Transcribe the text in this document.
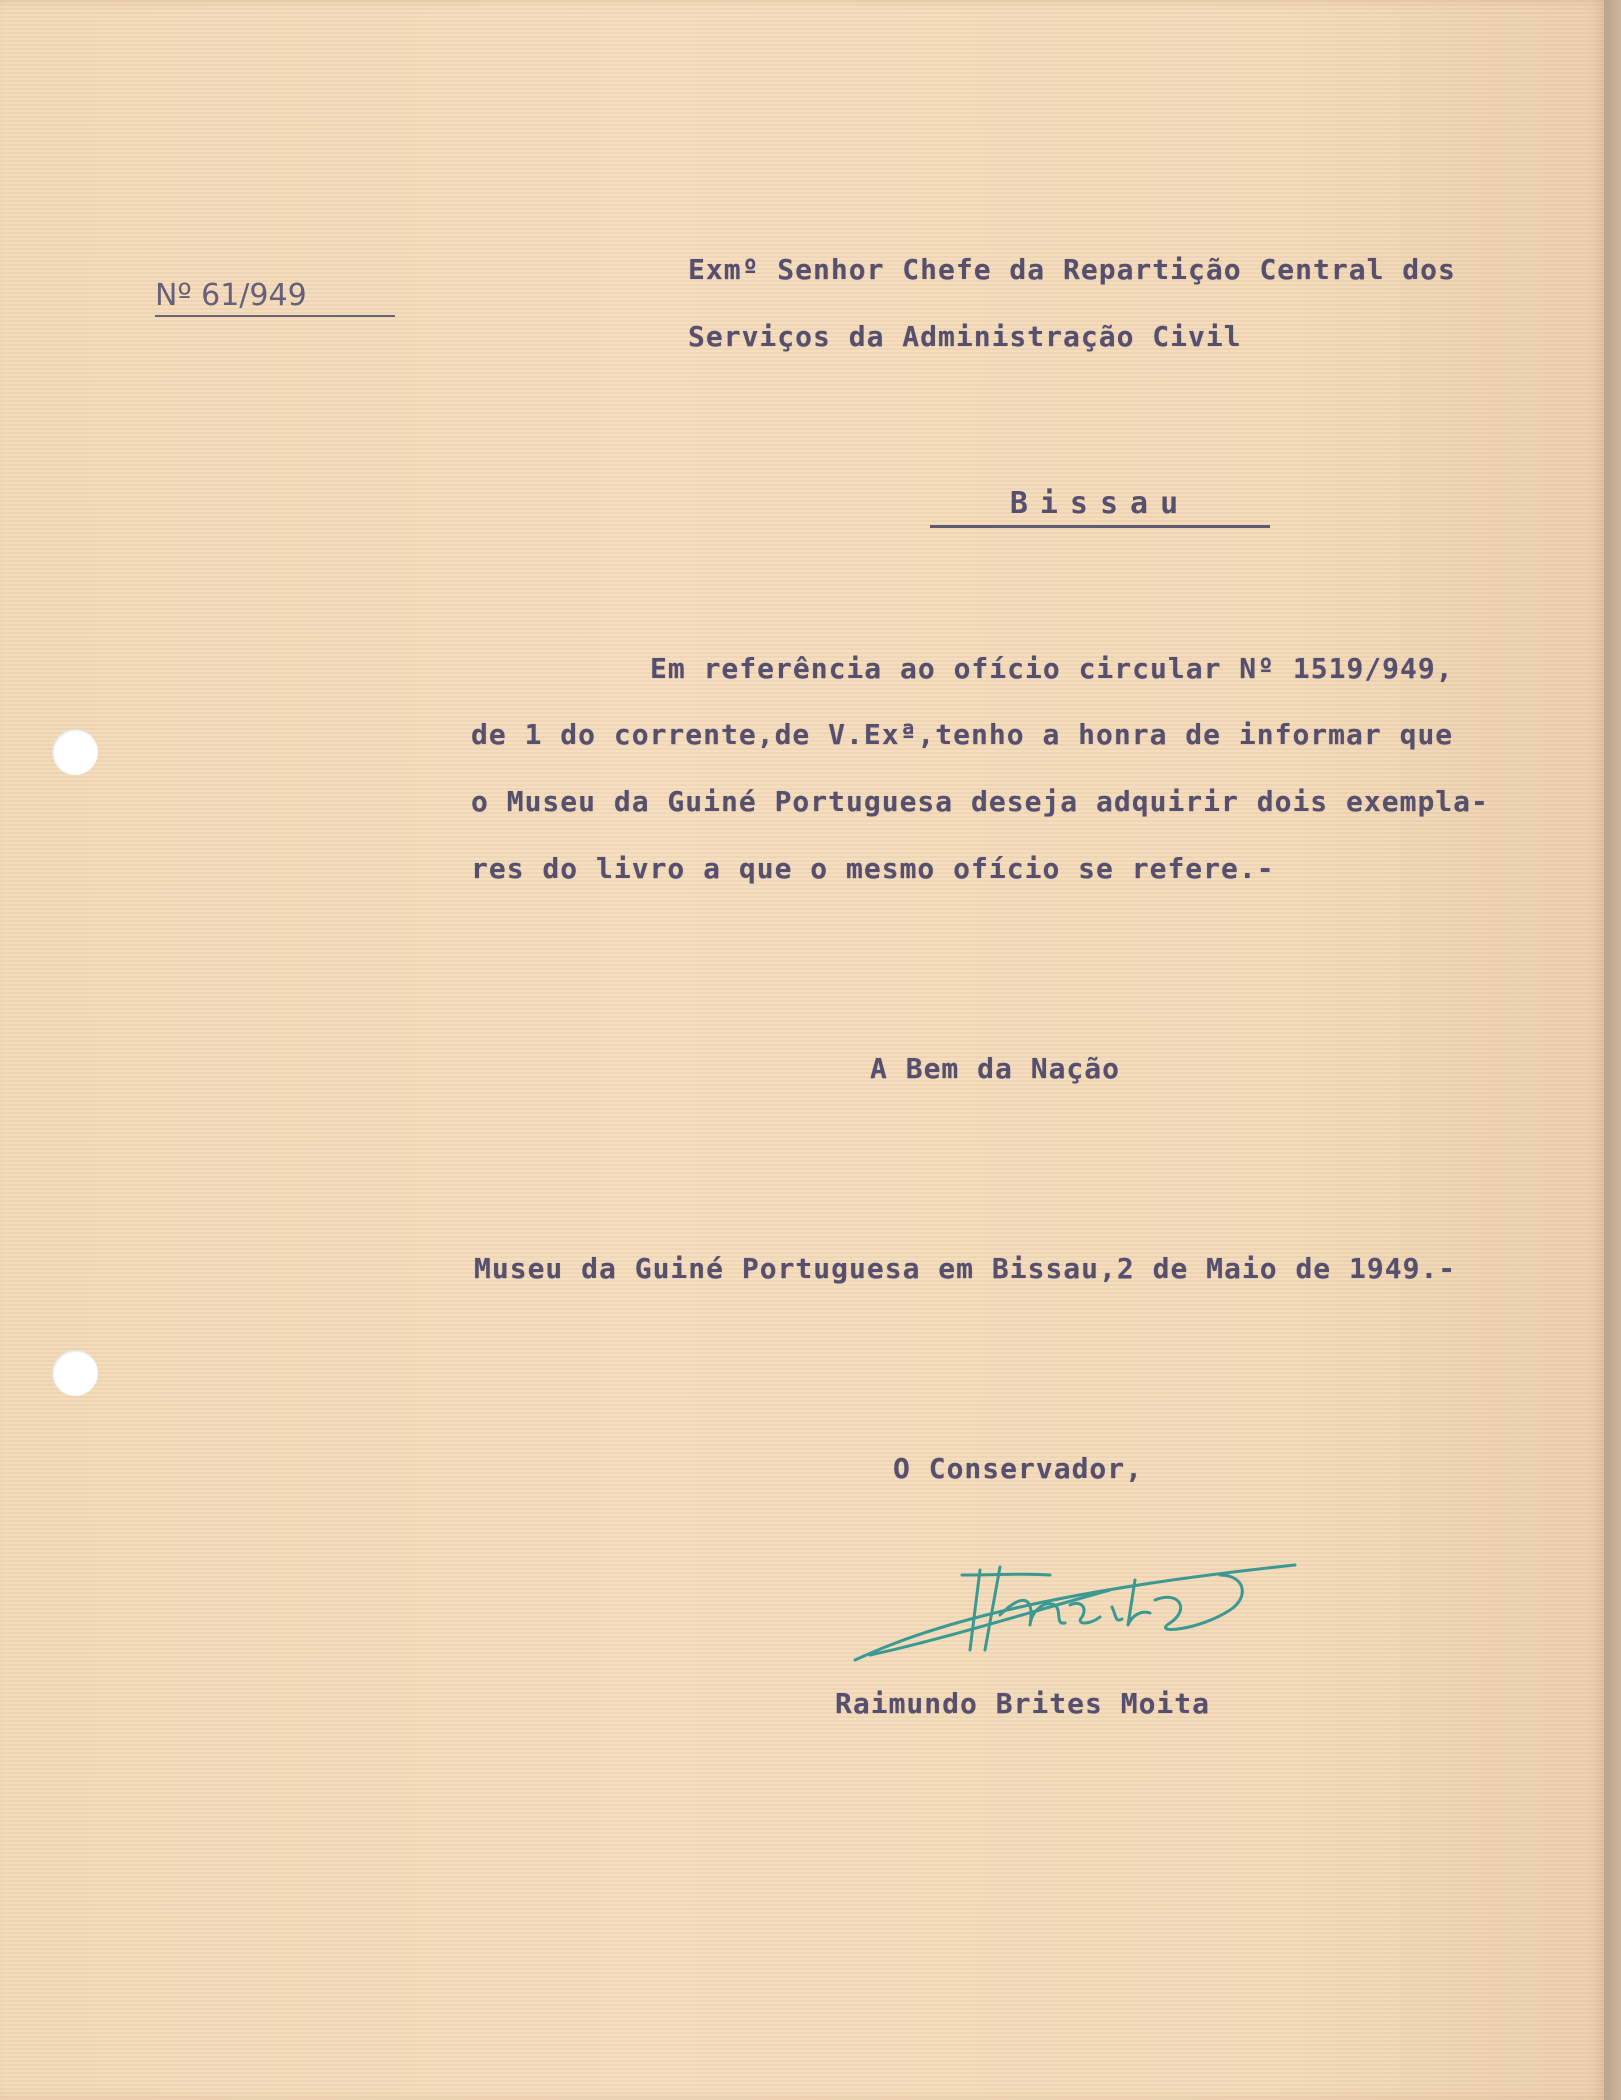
Nº 61/949
Exmº Senhor Chefe da Repartição Central dos
Serviços da Administração Civil
Bissau
Em referência ao ofício circular Nº 1519/949,
de 1 do corrente,de V.Exª,tenho a honra de informar que
o Museu da Guiné Portuguesa deseja adquirir dois exempla-
res do livro a que o mesmo ofício se refere.-
A Bem da Nação
Museu da Guiné Portuguesa em Bissau,2 de Maio de 1949.-
O Conservador,
Raimundo Brites Moita
